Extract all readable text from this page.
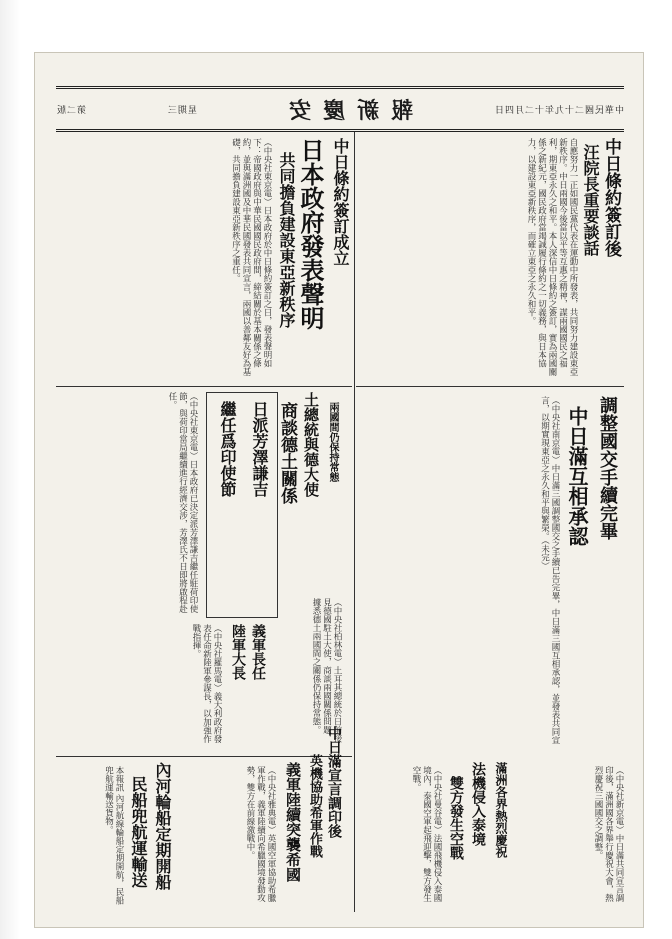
第二版	星期三	報新慶安	中華民國二十九年十二月四日
中日條約簽訂後
汪院長重要談話
自應努力一正如國民黨代表在運動中所發表，共同努力建設東亞新秩序。中日兩國今後當以平等互惠之精神，謀兩國國民之福利，期東亞永久之和平。本人深信中日條約之簽訂，實為兩國關係之新紀元，國民政府當竭誠履行條約之一切義務，與日本協力，以建設東亞新秩序，而確立東亞之永久和平。
中日條約簽訂成立
日本政府發表聲明
共同擔負建設東亞新秩序
（中央社東京電）日本政府於中日條約簽訂之日，發表聲明如下：帝國政府與中華民國國民政府間，締結關於基本關係之條約，並與滿洲國及中華民國發表共同宣言，兩國以善鄰友好為基礎，共同擔負建設東亞新秩序之重任。
日派芳澤謙吉
繼任爲印使節
（中央社東京電）日本政府已決定派芳澤謙吉繼任駐荷印使節，與荷印當局繼續進行經濟交涉，芳澤氏不日即將啟程赴任。	土總統與德大使
商談德土關係	兩國間仍保持常態
（中央社柏林電）土耳其總統於日前接見德國駐土大使，商談兩國關係問題，據悉德土兩國間之關係仍保持常態。
義軍長任
陸軍大長
（中央社羅馬電）義大利政府發表任命新陸軍參謀長，以加強作戰指揮。
英機協助希軍作戰
義軍陸續突襲希國
（中央社雅典電）英國空軍協助希臘軍作戰，義軍陸續向希臘國境發動攻勢，雙方在前線激戰中。
調整國交手續完畢
中日滿互相承認
（中央社南京電）中日滿三國調整國交之手續已告完畢，中日滿三國互相承認，並發表共同宣言，以期實現東亞之永久和平與繁榮。（未完）
法機侵入泰境
雙方發生空戰
（中央社曼谷電）法國飛機侵入泰國境內，泰國空軍起飛迎擊，雙方發生空戰。
中日滿宣言調印後	滿洲各界熱烈慶祝	（中央社新京電）中日滿共同宣言調印後，滿洲國各界舉行慶祝大會，熱烈慶祝三國國交之調整。
內河輪船定期開船
民船兜航運輸送
本報訊 內河航線輪船定期開航，民船兜航運輸送貨物。
